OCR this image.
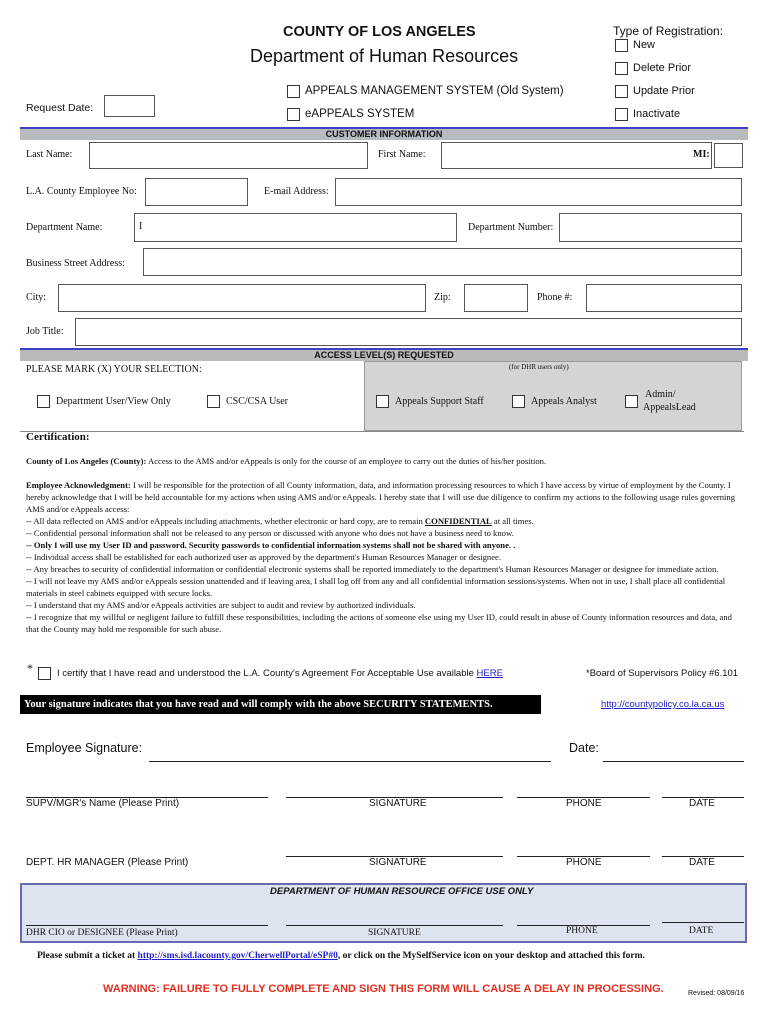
COUNTY OF LOS ANGELES
Department of Human Resources
Type of Registration:
New
Delete Prior
Update Prior
Inactivate
APPEALS MANAGEMENT SYSTEM (Old System)
eAPPEALS SYSTEM
Request Date:
CUSTOMER INFORMATION
Last Name:	First Name:	MI:
L.A. County Employee No:	E-mail Address:
Department Name:	I	Department Number:
Business Street Address:
City:	Zip:	Phone #:
Job Title:
ACCESS LEVEL(S) REQUESTED
PLEASE MARK (X) YOUR SELECTION:	(for DHR users only)
Department User/View Only	CSC/CSA User	Appeals Support Staff	Appeals Analyst
Admin/
AppealsLead
Certification:

County of Los Angeles (County): Access to the AMS and/or eAppeals is only for the course of an employee to carry out the duties of his/her position.

Employee Acknowledgment: I will be responsible for the protection of all County information, data, and information processing resources to which I have access by virtue of employment by the County. I hereby acknowledge that I will be held accountable for my actions when using AMS and/or eAppeals. I hereby state that I will use due diligence to confirm my actions to the following usage rules governing AMS and/or eAppeals access:

-- All data reflected on AMS and/or eAppeals including attachments, whether electronic or hard copy, are to remain CONFIDENTIAL at all times.

-- Confidential personal information shall not be released to any person or discussed with anyone who does not have a business need to know.

-- Only I will use my User ID and password. Security passwords to confidential information systems shall not be shared with anyone. .

-- Individual access shall be established for each authorized user as approved by the department's Human Resources Manager or designee.

-- Any breaches to security of confidential information or confidential electronic systems shall be reported immediately to the department's Human Resources Manager or designee for immediate action.

-- I will not leave my AMS and/or eAppeals session unattended and if leaving area, I shall log off from any and all confidential information sessions/systems. When not in use, I shall place all confidential materials in steel cabinets equipped with secure locks.

-- I understand that my AMS and/or eAppeals activities are subject to audit and review by authorized individuals.

-- I recognize that my willful or negligent failure to fulfill these responsibilities, including the actions of someone else using my User ID, could result in abuse of County information resources and data, and that the County may hold me responsible for such abuse.

*	I certify that I have read and understood the L.A. County's Agreement For Acceptable Use available HERE	*Board of Supervisors Policy #6.101
http://countypolicy.co.la.ca.us
Your signature indicates that you have read and will comply with the above SECURITY STATEMENTS.
Employee Signature:	Date:
SUPV/MGR's Name (Please Print)	SIGNATURE	PHONE	DATE
DEPT. HR MANAGER (Please Print)	SIGNATURE	PHONE	DATE
DEPARTMENT OF HUMAN RESOURCE OFFICE USE ONLY
DHR CIO or DESIGNEE (Please Print)	SIGNATURE	PHONE	DATE
Please submit a ticket at http://sms.isd.lacounty.gov/CherwellPortal/eSP#0, or click on the MySelfService icon on your desktop and attached this form.
WARNING: FAILURE TO FULLY COMPLETE AND SIGN THIS FORM WILL CAUSE A DELAY IN PROCESSING.	Revised: 08/09/16
